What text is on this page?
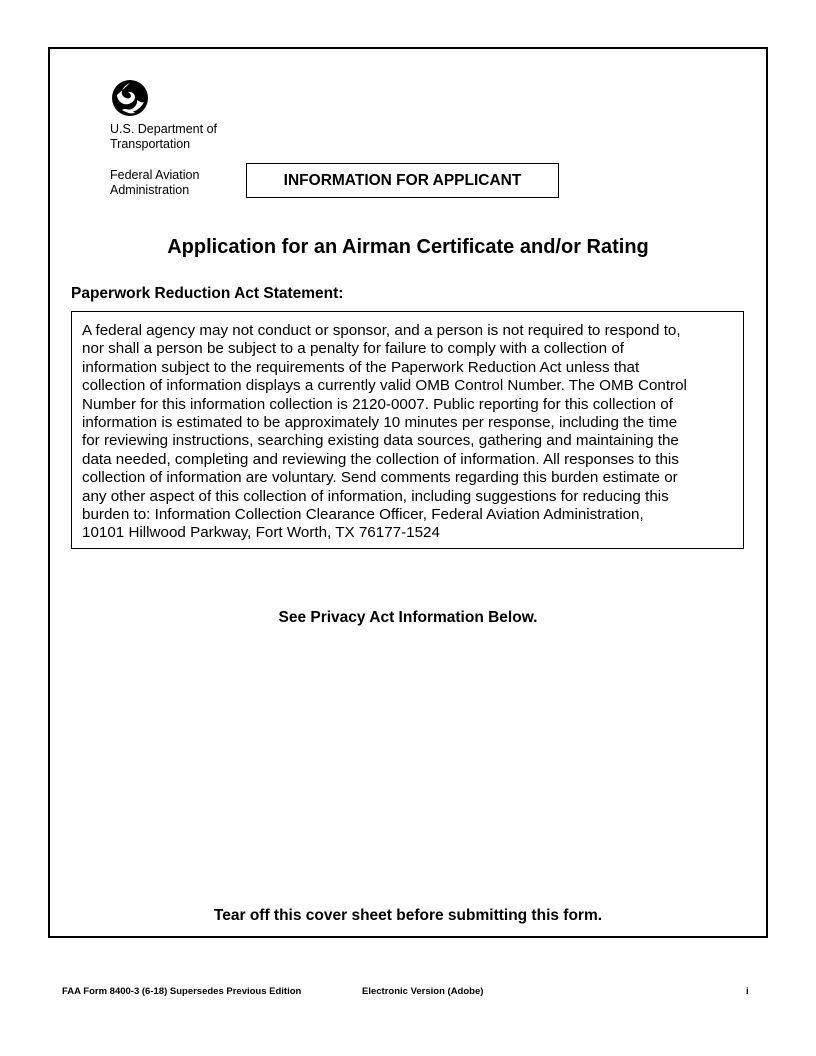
U.S. Department of
Transportation
Federal Aviation
Administration
INFORMATION FOR APPLICANT
Application for an Airman Certificate and/or Rating
Paperwork Reduction Act Statement:
A federal agency may not conduct or sponsor, and a person is not required to respond to,
nor shall a person be subject to a penalty for failure to comply with a collection of
information subject to the requirements of the Paperwork Reduction Act unless that
collection of information displays a currently valid OMB Control Number. The OMB Control
Number for this information collection is 2120-0007. Public reporting for this collection of
information is estimated to be approximately 10 minutes per response, including the time
for reviewing instructions, searching existing data sources, gathering and maintaining the
data needed, completing and reviewing the collection of information. All responses to this
collection of information are voluntary. Send comments regarding this burden estimate or
any other aspect of this collection of information, including suggestions for reducing this
burden to: Information Collection Clearance Officer, Federal Aviation Administration,
10101 Hillwood Parkway, Fort Worth, TX 76177-1524
See Privacy Act Information Below.
Tear off this cover sheet before submitting this form.
FAA Form 8400-3 (6-18) Supersedes Previous Edition	Electronic Version (Adobe)	i
